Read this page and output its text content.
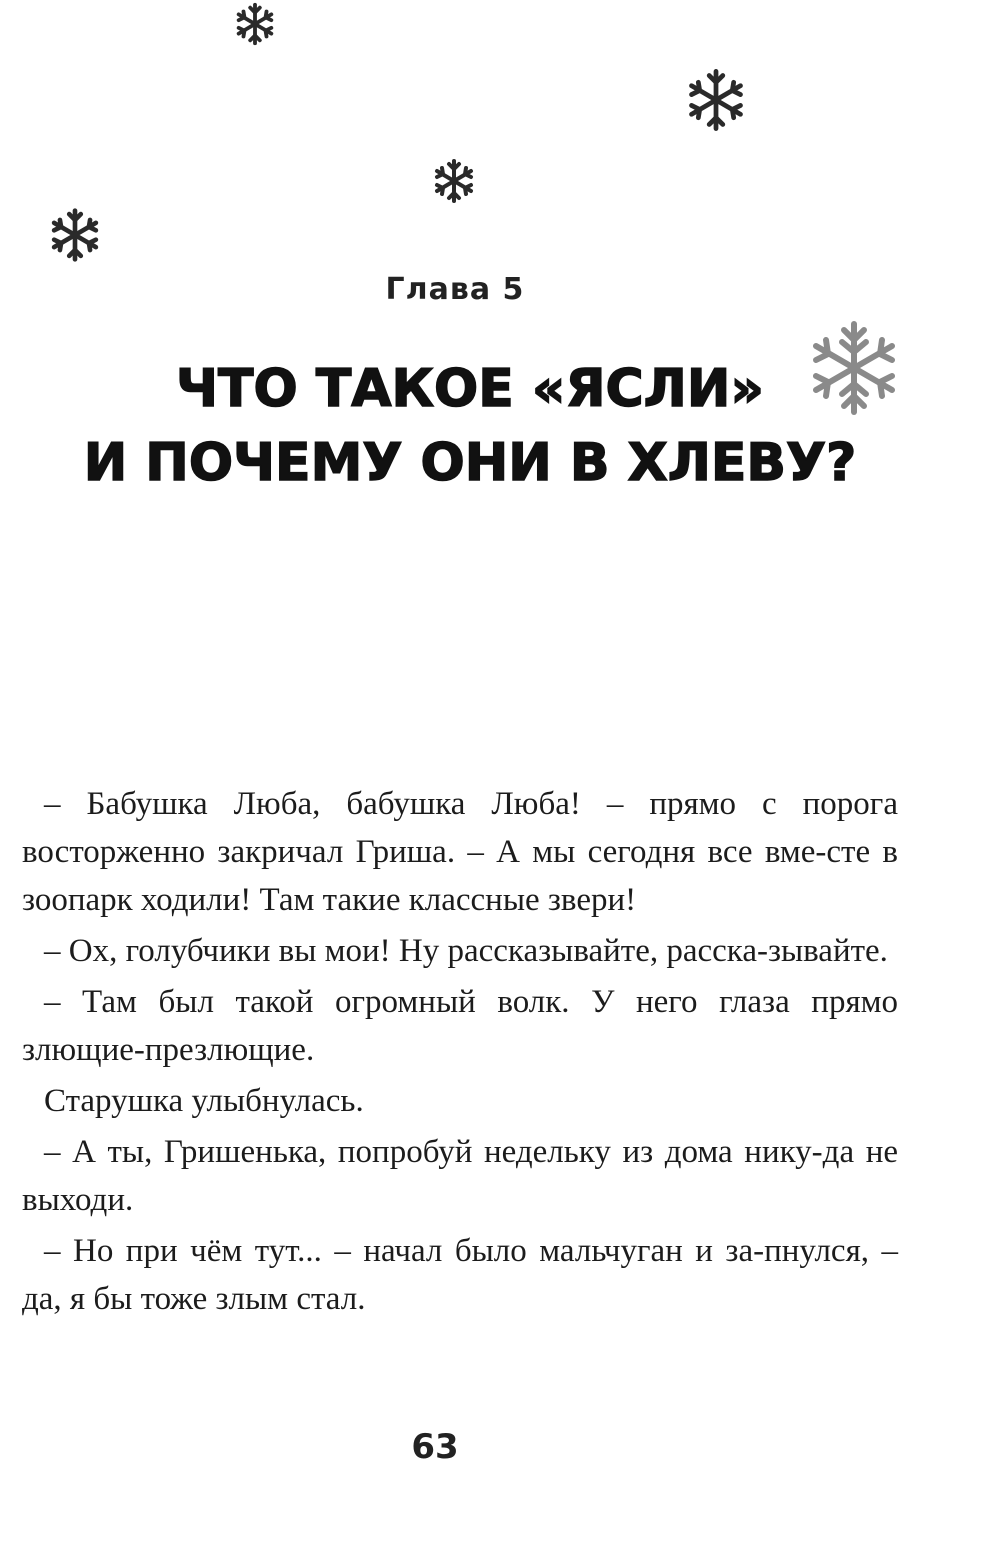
Глава 5
ЧТО ТАКОЕ «ЯСЛИ»
И ПОЧЕМУ ОНИ В ХЛЕВУ?

– Бабушка Люба, бабушка Люба! – прямо с порога восторженно закричал Гриша. – А мы сегодня все вме-сте в зоопарк ходили! Там такие классные звери!

– Ох, голубчики вы мои! Ну рассказывайте, расска-зывайте.

– Там был такой огромный волк. У него глаза прямо злющие-презлющие.

Старушка улыбнулась.

– А ты, Гришенька, попробуй недельку из дома нику-да не выходи.

– Но при чём тут... – начал было мальчуган и за-пнулся, – да, я бы тоже злым стал.

63
